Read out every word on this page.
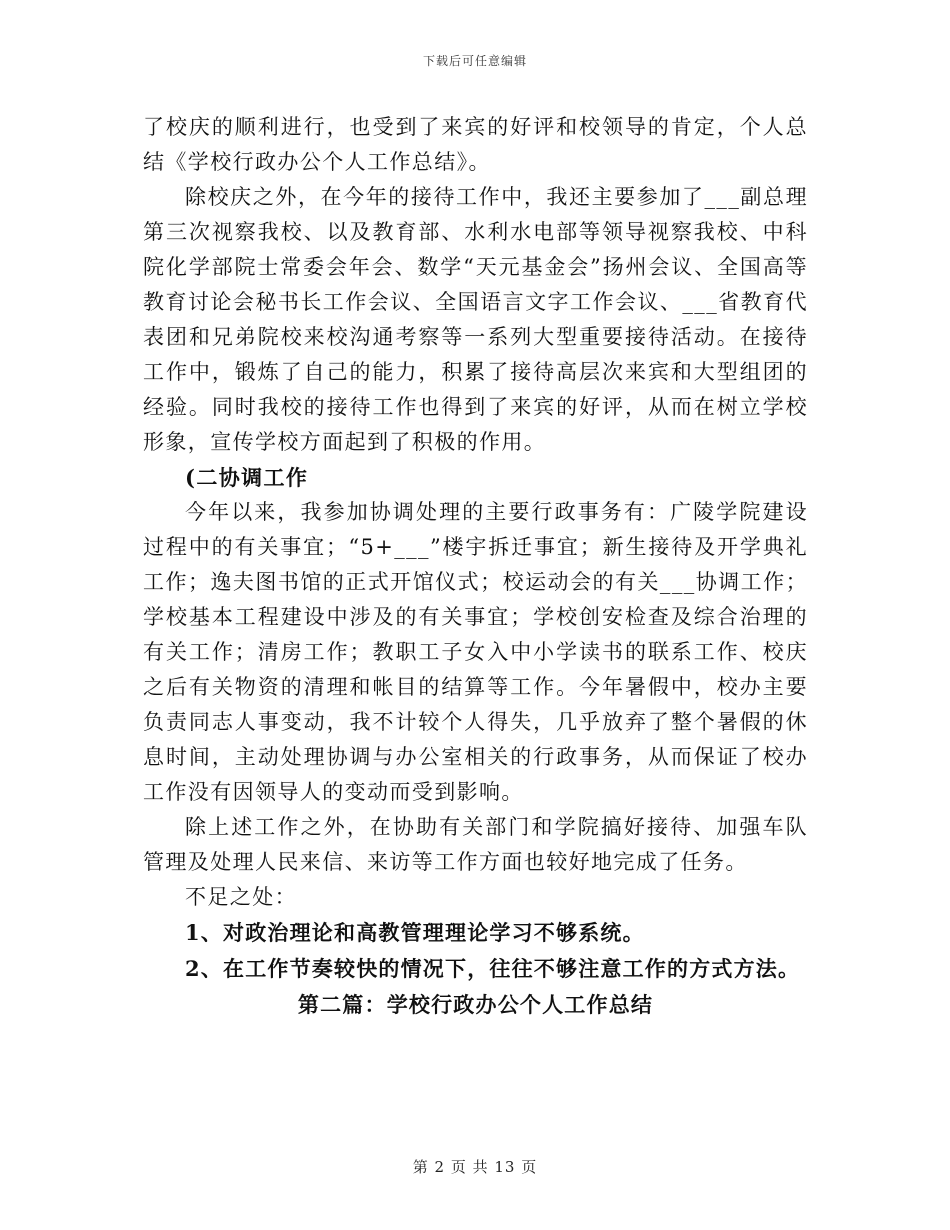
下载后可任意编辑

了校庆的顺利进行，也受到了来宾的好评和校领导的肯定，个人总结《学校行政办公个人工作总结》。

除校庆之外，在今年的接待工作中，我还主要参加了___副总理第三次视察我校、以及教育部、水利水电部等领导视察我校、中科院化学部院士常委会年会、数学“天元基金会”扬州会议、全国高等教育讨论会秘书长工作会议、全国语言文字工作会议、___省教育代表团和兄弟院校来校沟通考察等一系列大型重要接待活动。在接待工作中，锻炼了自己的能力，积累了接待高层次来宾和大型组团的经验。同时我校的接待工作也得到了来宾的好评，从而在树立学校形象，宣传学校方面起到了积极的作用。

(二协调工作

今年以来，我参加协调处理的主要行政事务有：广陵学院建设过程中的有关事宜；“5+___”楼宇拆迁事宜；新生接待及开学典礼工作；逸夫图书馆的正式开馆仪式；校运动会的有关___协调工作；学校基本工程建设中涉及的有关事宜；学校创安检查及综合治理的有关工作；清房工作；教职工子女入中小学读书的联系工作、校庆之后有关物资的清理和帐目的结算等工作。今年暑假中，校办主要负责同志人事变动，我不计较个人得失，几乎放弃了整个暑假的休息时间，主动处理协调与办公室相关的行政事务，从而保证了校办工作没有因领导人的变动而受到影响。

除上述工作之外，在协助有关部门和学院搞好接待、加强车队管理及处理人民来信、来访等工作方面也较好地完成了任务。

不足之处：

1、对政治理论和高教管理理论学习不够系统。

2、在工作节奏较快的情况下，往往不够注意工作的方式方法。

第二篇：学校行政办公个人工作总结

第 2 页 共 13 页
